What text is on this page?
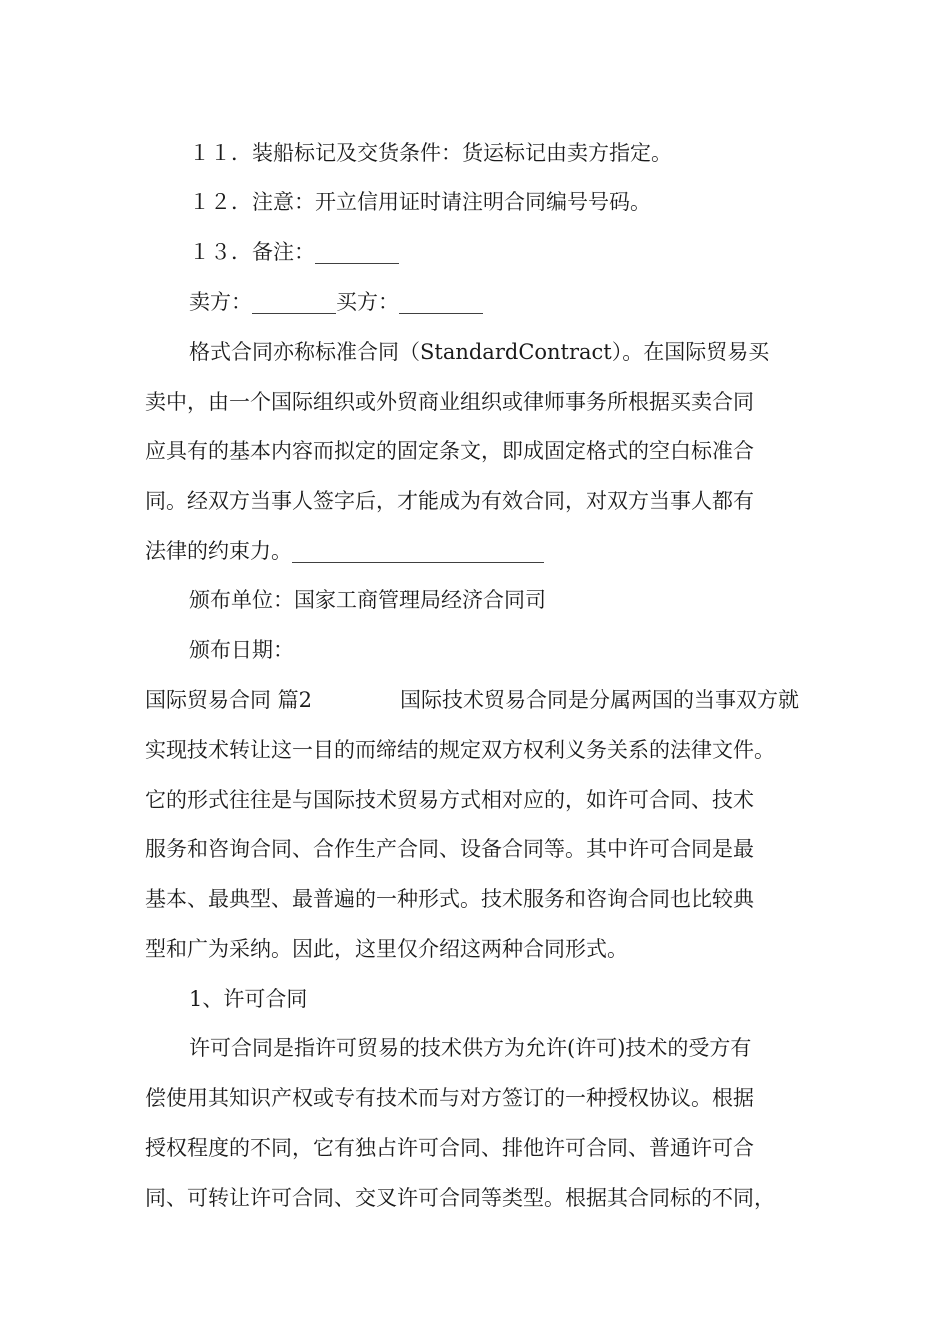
１１．装船标记及交货条件：货运标记由卖方指定。
１２．注意：开立信用证时请注明合同编号号码。
１３．备注：________
卖方：________买方：________
格式合同亦称标准合同（StandardContract）。在国际贸易买
卖中，由一个国际组织或外贸商业组织或律师事务所根据买卖合同
应具有的基本内容而拟定的固定条文，即成固定格式的空白标准合
同。经双方当事人签字后，才能成为有效合同，对双方当事人都有
法律的约束力。________________________
颁布单位：国家工商管理局经济合同司
颁布日期：
国际贸易合同 篇2	国际技术贸易合同是分属两国的当事双方就
实现技术转让这一目的而缔结的规定双方权利义务关系的法律文件。
它的形式往往是与国际技术贸易方式相对应的，如许可合同、技术
服务和咨询合同、合作生产合同、设备合同等。其中许可合同是最
基本、最典型、最普遍的一种形式。技术服务和咨询合同也比较典
型和广为采纳。因此，这里仅介绍这两种合同形式。
1、许可合同
许可合同是指许可贸易的技术供方为允许(许可)技术的受方有
偿使用其知识产权或专有技术而与对方签订的一种授权协议。根据
授权程度的不同，它有独占许可合同、排他许可合同、普通许可合
同、可转让许可合同、交叉许可合同等类型。根据其合同标的不同，
